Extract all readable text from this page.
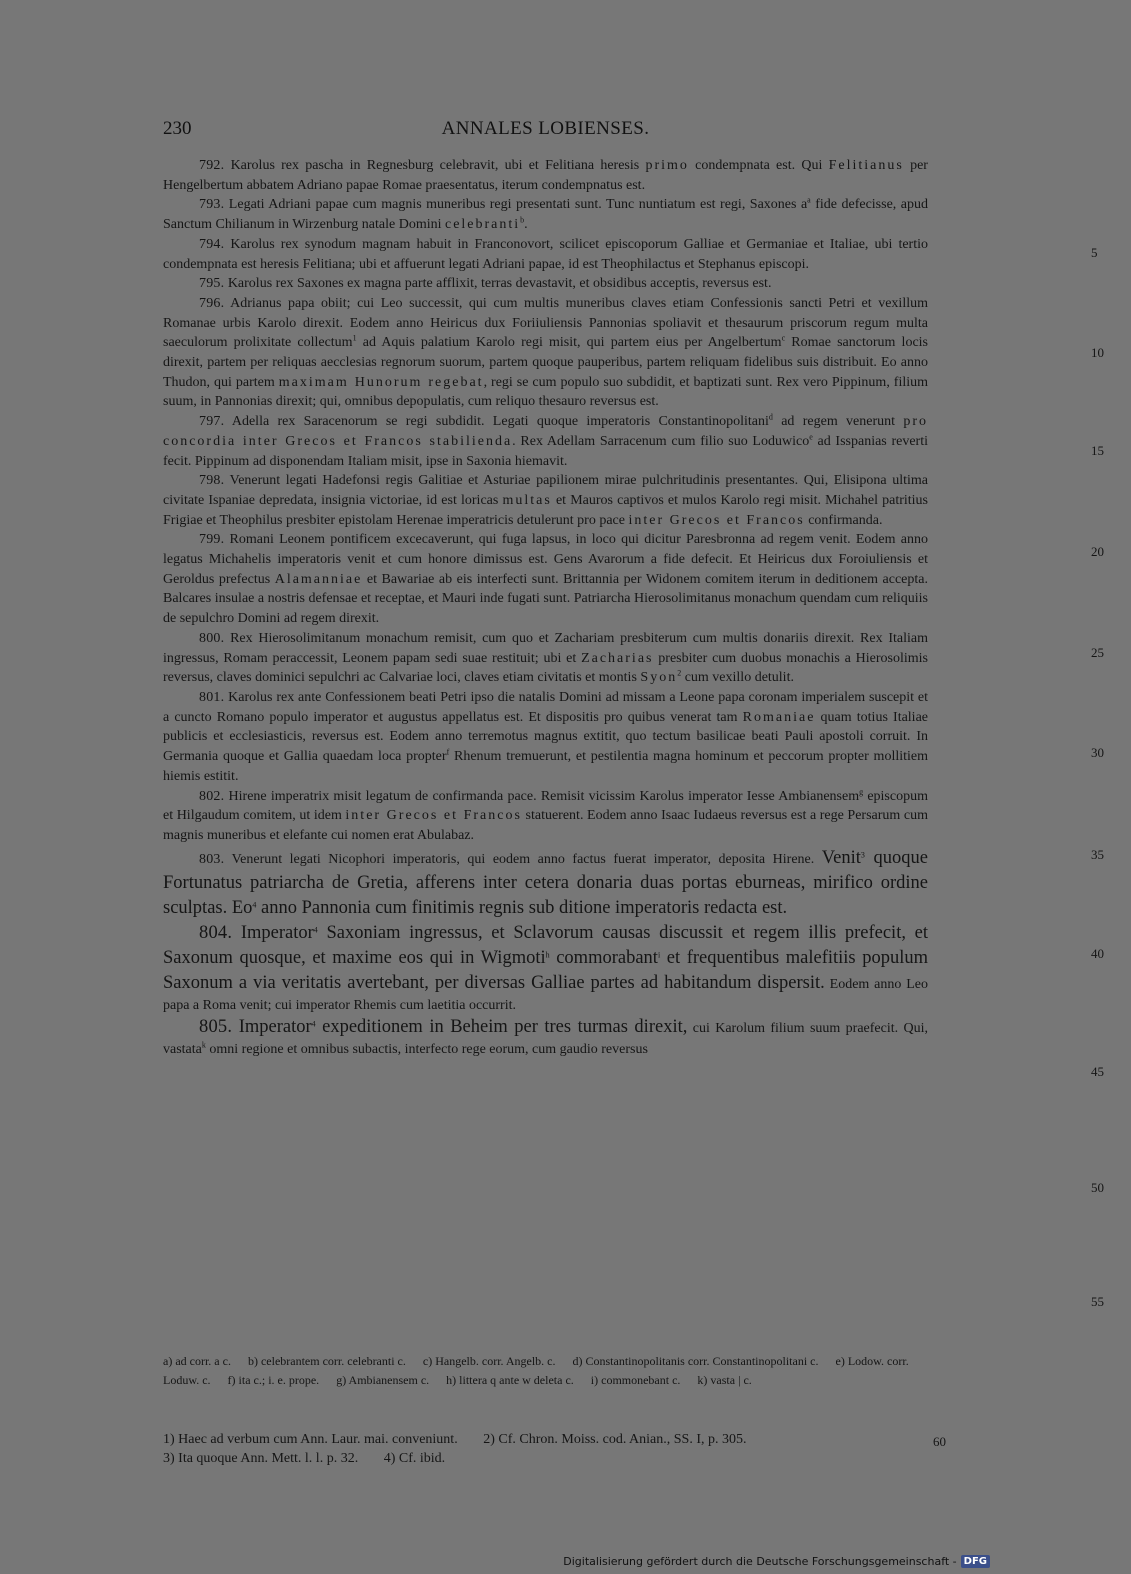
230	ANNALES LOBIENSES.

792. Karolus rex pascha in Regnesburg celebravit, ubi et Felitiana heresis primo condempnata est. Qui Felitianus per Hengelbertum abbatem Adriano papae Romae praesentatus, iterum condempnatus est.

793. Legati Adriani papae cum magnis muneribus regi presentati sunt. Tunc nuntiatum est regi, Saxones $a^a$ fide defecisse, apud Sanctum Chilianum in Wirzenburg natale Domini celebranti$^b$.

794. Karolus rex synodum magnam habuit in Franconovort, scilicet episcoporum Galliae et Germaniae et Italiae, ubi tertio condempnata est heresis Felitiana; ubi et affuerunt legati Adriani papae, id est Theophilactus et Stephanus episcopi.

795. Karolus rex Saxones ex magna parte afflixit, terras devastavit, et obsidibus acceptis, reversus est.

796. Adrianus papa obiit; cui Leo successit, qui cum multis muneribus claves etiam Confessionis sancti Petri et vexillum Romanae urbis Karolo direxit. Eodem anno Heiricus dux Foriiuliensis Pannonias spoliavit et thesaurum priscorum regum multa saeculorum prolixitate collectum$^1$ ad Aquis palatium Karolo regi misit, qui partem eius per Angelbertum$^c$ Romae sanctorum locis direxit, partem per reliquas aecclesias regnorum suorum, partem quoque pauperibus, partem reliquam fidelibus suis distribuit. Eo anno Thudon, qui partem maximam Hunorum regebat, regi se cum populo suo subdidit, et baptizati sunt. Rex vero Pippinum, filium suum, in Pannonias direxit; qui, omnibus depopulatis, cum reliquo thesauro reversus est.

797. Adella rex Saracenorum se regi subdidit. Legati quoque imperatoris Constantinopolitani$^d$ ad regem venerunt pro concordia inter Grecos et Francos stabilienda. Rex Adellam Sarracenum cum filio suo Loduwico$^e$ ad Isspanias reverti fecit. Pippinum ad disponendam Italiam misit, ipse in Saxonia hiemavit.

798. Venerunt legati Hadefonsi regis Galitiae et Asturiae papilionem mirae pulchritudinis presentantes. Qui, Elisipona ultima civitate Ispaniae depredata, insignia victoriae, id est loricas multas et Mauros captivos et mulos Karolo regi misit. Michahel patritius Frigiae et Theophilus presbiter epistolam Herenae imperatricis detulerunt pro pace inter Grecos et Francos confirmanda.

799. Romani Leonem pontificem excecaverunt, qui fuga lapsus, in loco qui dicitur Paresbronna ad regem venit. Eodem anno legatus Michahelis imperatoris venit et cum honore dimissus est. Gens Avarorum a fide defecit. Et Heiricus dux Foroiuliensis et Geroldus prefectus Alamanniae et Bawariae ab eis interfecti sunt. Brittannia per Widonem comitem iterum in deditionem accepta. Balcares insulae a nostris defensae et receptae, et Mauri inde fugati sunt. Patriarcha Hierosolimitanus monachum quendam cum reliquiis de sepulchro Domini ad regem direxit.

800. Rex Hierosolimitanum monachum remisit, cum quo et Zachariam presbiterum cum multis donariis direxit. Rex Italiam ingressus, Romam peraccessit, Leonem papam sedi suae restituit; ubi et Zacharias presbiter cum duobus monachis a Hierosolimis reversus, claves dominici sepulchri ac Calvariae loci, claves etiam civitatis et montis Syon$^2$ cum vexillo detulit.

801. Karolus rex ante Confessionem beati Petri ipso die natalis Domini ad missam a Leone papa coronam imperialem suscepit et a cuncto Romano populo imperator et augustus appellatus est. Et dispositis pro quibus venerat tam Romaniae quam totius Italiae publicis et ecclesiasticis, reversus est. Eodem anno terremotus magnus extitit, quo tectum basilicae beati Pauli apostoli corruit. In Germania quoque et Gallia quaedam loca propter$^f$ Rhenum tremuerunt, et pestilentia magna hominum et peccorum propter mollitiem hiemis estitit.

802. Hirene imperatrix misit legatum de confirmanda pace. Remisit vicissim Karolus imperator Iesse Ambianensem$^g$ episcopum et Hilgaudum comitem, ut idem inter Grecos et Francos statuerent. Eodem anno Isaac Iudaeus reversus est a rege Persarum cum magnis muneribus et elefante cui nomen erat Abulabaz.

803. Venerunt legati Nicophori imperatoris, qui eodem anno factus fuerat imperator, deposita Hirene. Venit$^3$ quoque Fortunatus patriarcha de Gretia, afferens inter cetera donaria duas portas eburneas, mirifico ordine sculptas. Eo$^4$ anno Pannonia cum finitimis regnis sub ditione imperatoris redacta est.

804. Imperator$^4$ Saxoniam ingressus, et Sclavorum causas discussit et regem illis prefecit, et Saxonum quosque, et maxime eos qui in Wigmoti$^h$ commorabant$^i$ et frequentibus malefitiis populum Saxonum a via veritatis avertebant, per diversas Galliae partes ad habitandum dispersit. Eodem anno Leo papa a Roma venit; cui imperator Rhemis cum laetitia occurrit.

805. Imperator$^4$ expeditionem in Beheim per tres turmas direxit, cui Karolum filium suum praefecit. Qui, vastata$^k$ omni regione et omnibus subactis, interfecto rege eorum, cum gaudio reversus

5
10
15
20
25
30
35
40
45
50
55
a) ad corr. a c. b) celebrantem corr. celebranti c. c) Hangelb. corr. Angelb. c. d) Constantinopolitanis corr. Constantinopolitani c. e) Lodow. corr. Loduw. c. f) ita c.; i. e. prope. g) Ambianensem c. h) littera q ante w deleta c. i) commonebant c. k) vasta | c.
1) Haec ad verbum cum Ann. Laur. mai. conveniunt. 2) Cf. Chron. Moiss. cod. Anian., SS. I, p. 305.
3) Ita quoque Ann. Mett. l. l. p. 32. 4) Cf. ibid.
60
Digitalisierung gefördert durch die Deutsche Forschungsgemeinschaft - DFG
